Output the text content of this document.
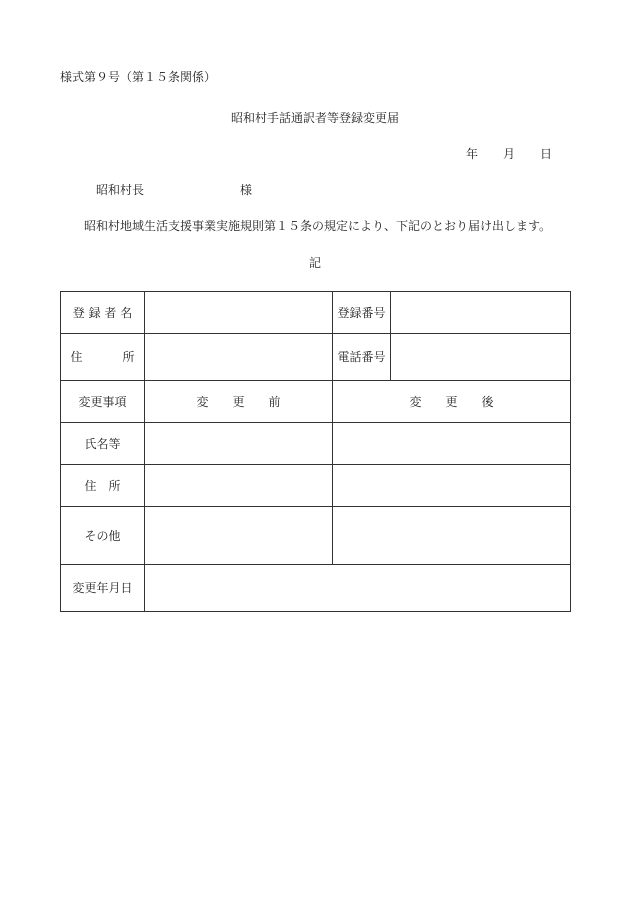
様式第９号（第１５条関係）
昭和村手話通訳者等登録変更届
年 月 日
昭和村長	様
昭和村地域生活支援事業実施規則第１５条の規定により、下記のとおり届け出します。
記
登 録 者 名		登録番号	
住 所		電話番号	
変更事項	変　　更　　前	変　　更　　後	
氏名等			
住　所			
その他			
変更年月日			
